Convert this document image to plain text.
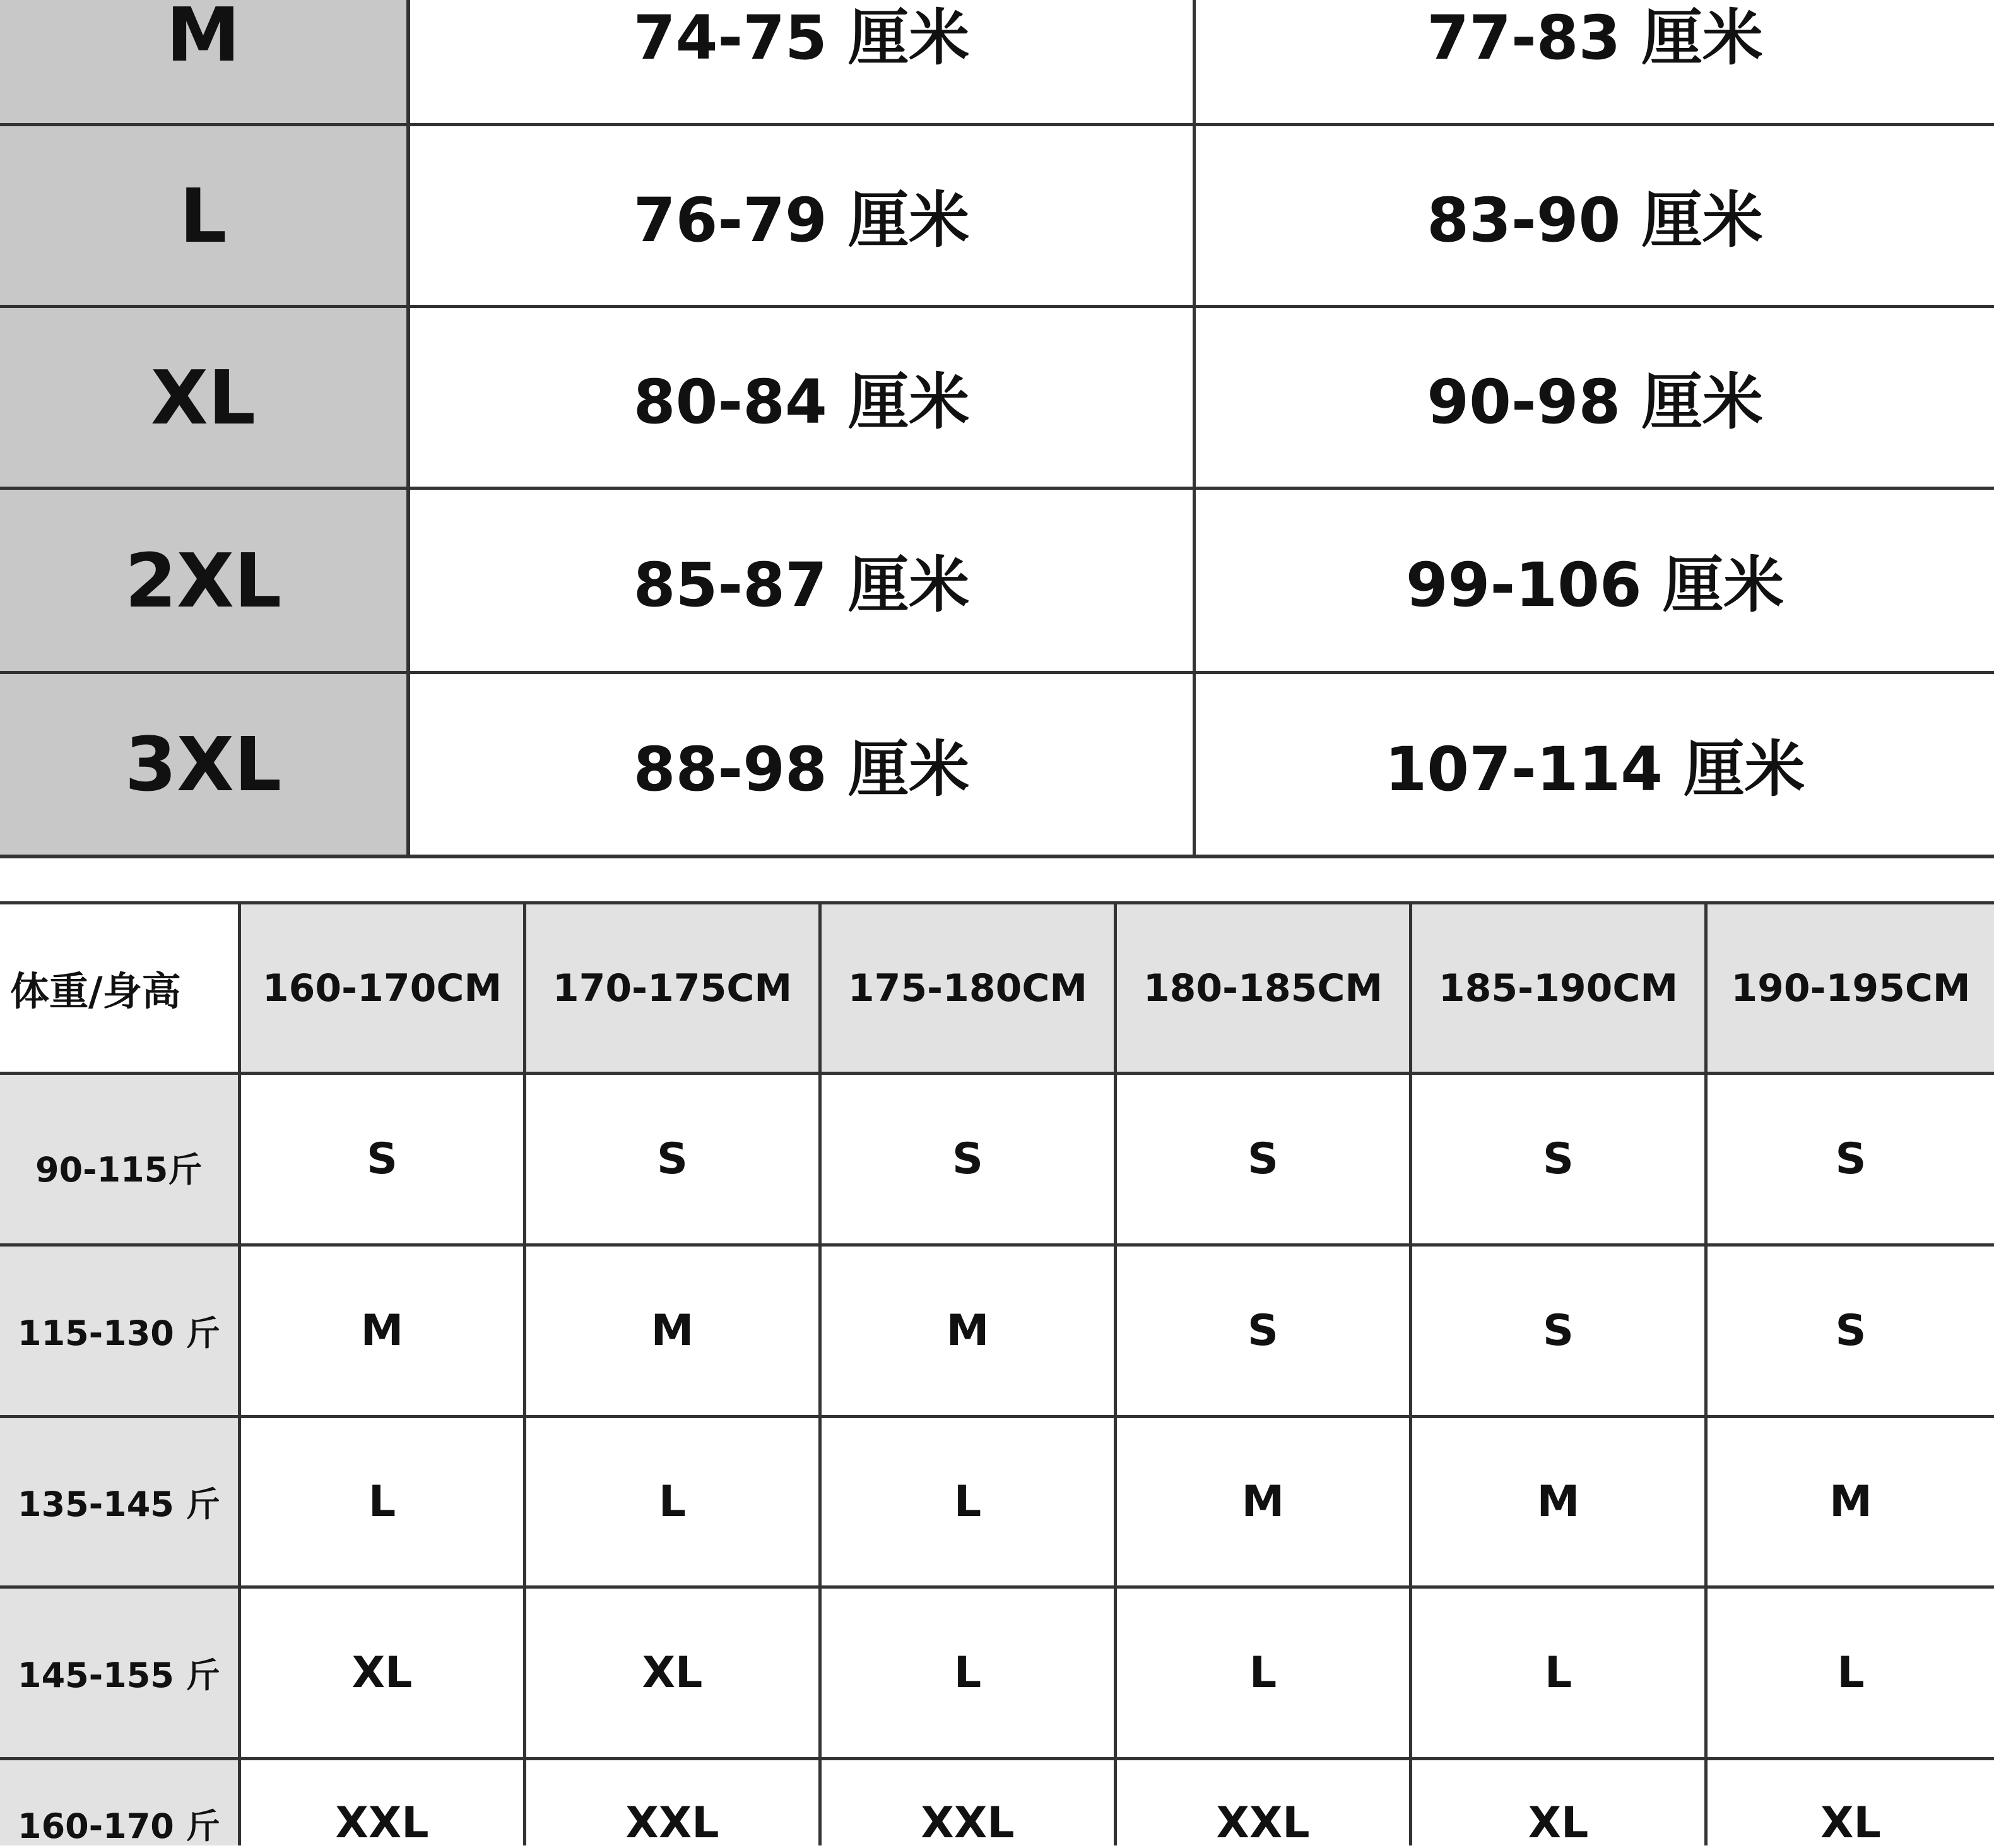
M	74-75 厘米	77-83 厘米
L	76-79 厘米	83-90 厘米
XL	80-84 厘米	90-98 厘米
2XL	85-87 厘米	99-106 厘米
3XL	88-98 厘米	107-114 厘米
体重/身高	160-170CM	170-175CM	175-180CM	180-185CM	185-190CM	190-195CM
90-115斤	S	S	S	S	S	S
115-130 斤	M	M	M	S	S	S
135-145 斤	L	L	L	M	M	M
145-155 斤	XL	XL	L	L	L	L
160-170 斤	XXL	XXL	XXL	XXL	XL	XL
